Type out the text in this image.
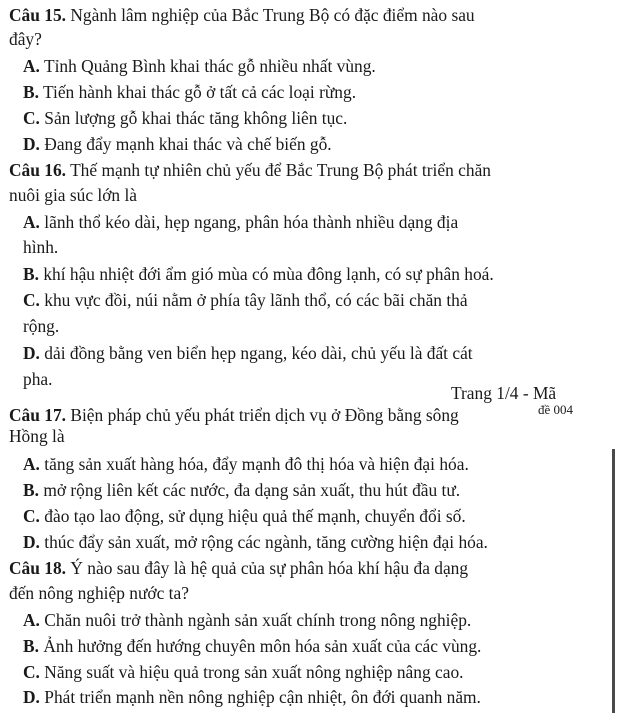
Câu 15. Ngành lâm nghiệp của Bắc Trung Bộ có đặc điểm nào sau
đây?
A. Tỉnh Quảng Bình khai thác gỗ nhiều nhất vùng.
B. Tiến hành khai thác gỗ ở tất cả các loại rừng.
C. Sản lượng gỗ khai thác tăng không liên tục.
D. Đang đẩy mạnh khai thác và chế biến gỗ.
Câu 16. Thế mạnh tự nhiên chủ yếu để Bắc Trung Bộ phát triển chăn
nuôi gia súc lớn là
A. lãnh thổ kéo dài, hẹp ngang, phân hóa thành nhiều dạng địa
hình.
B. khí hậu nhiệt đới ẩm gió mùa có mùa đông lạnh, có sự phân hoá.
C. khu vực đồi, núi nằm ở phía tây lãnh thổ, có các bãi chăn thả
rộng.
D. dải đồng bằng ven biển hẹp ngang, kéo dài, chủ yếu là đất cát
pha.
Trang 1/4 - Mã
đề 004
Câu 17. Biện pháp chủ yếu phát triển dịch vụ ở Đồng bằng sông
Hồng là
A. tăng sản xuất hàng hóa, đẩy mạnh đô thị hóa và hiện đại hóa.
B. mở rộng liên kết các nước, đa dạng sản xuất, thu hút đầu tư.
C. đào tạo lao động, sử dụng hiệu quả thế mạnh, chuyển đổi số.
D. thúc đẩy sản xuất, mở rộng các ngành, tăng cường hiện đại hóa.
Câu 18. Ý nào sau đây là hệ quả của sự phân hóa khí hậu đa dạng
đến nông nghiệp nước ta?
A. Chăn nuôi trở thành ngành sản xuất chính trong nông nghiệp.
B. Ảnh hưởng đến hướng chuyên môn hóa sản xuất của các vùng.
C. Năng suất và hiệu quả trong sản xuất nông nghiệp nâng cao.
D. Phát triển mạnh nền nông nghiệp cận nhiệt, ôn đới quanh năm.
